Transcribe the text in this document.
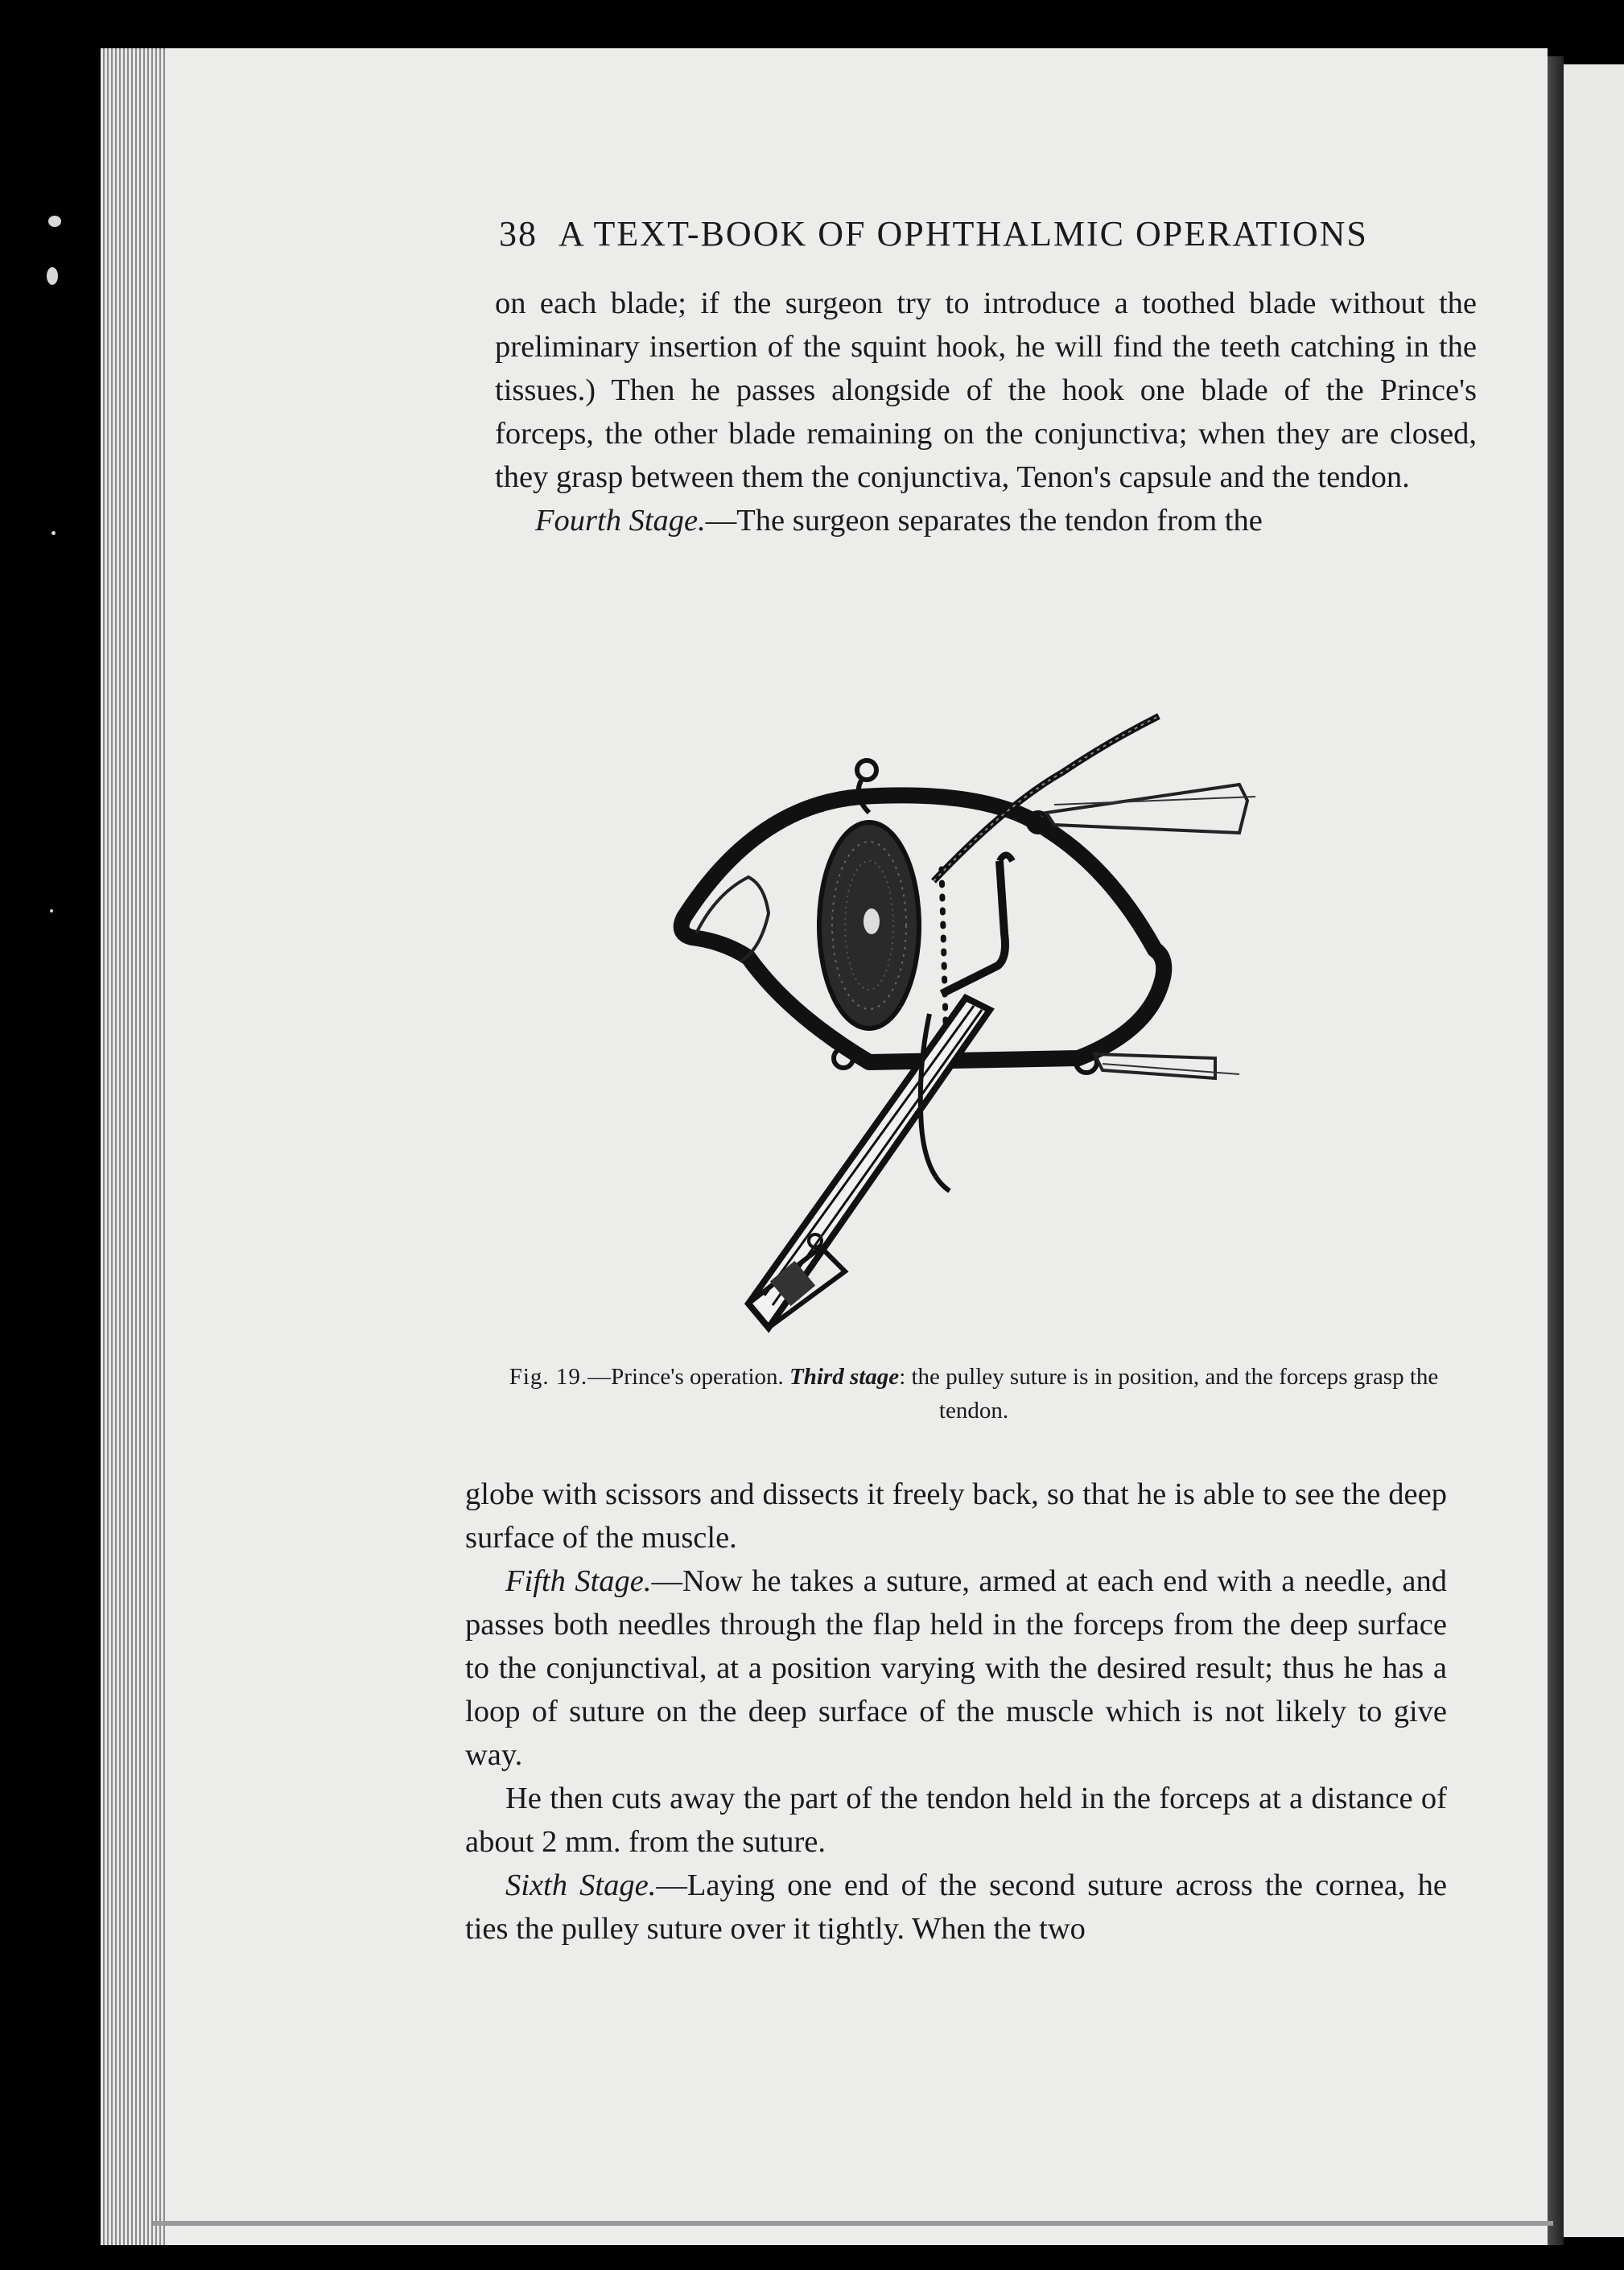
38 A TEXT-BOOK OF OPHTHALMIC OPERATIONS

on each blade; if the surgeon try to introduce a toothed blade without the preliminary insertion of the squint hook, he will find the teeth catching in the tissues.) Then he passes alongside of the hook one blade of the Prince's forceps, the other blade remaining on the conjunctiva; when they are closed, they grasp between them the conjunctiva, Tenon's capsule and the tendon.

Fourth Stage.—The surgeon separates the tendon from the

Fig. 19.—Prince's operation. Third stage: the pulley suture is in position, and the forceps grasp the tendon.

globe with scissors and dissects it freely back, so that he is able to see the deep surface of the muscle.

Fifth Stage.—Now he takes a suture, armed at each end with a needle, and passes both needles through the flap held in the forceps from the deep surface to the conjunctival, at a position varying with the desired result; thus he has a loop of suture on the deep surface of the muscle which is not likely to give way.

He then cuts away the part of the tendon held in the forceps at a distance of about 2 mm. from the suture.

Sixth Stage.—Laying one end of the second suture across the cornea, he ties the pulley suture over it tightly. When the two
